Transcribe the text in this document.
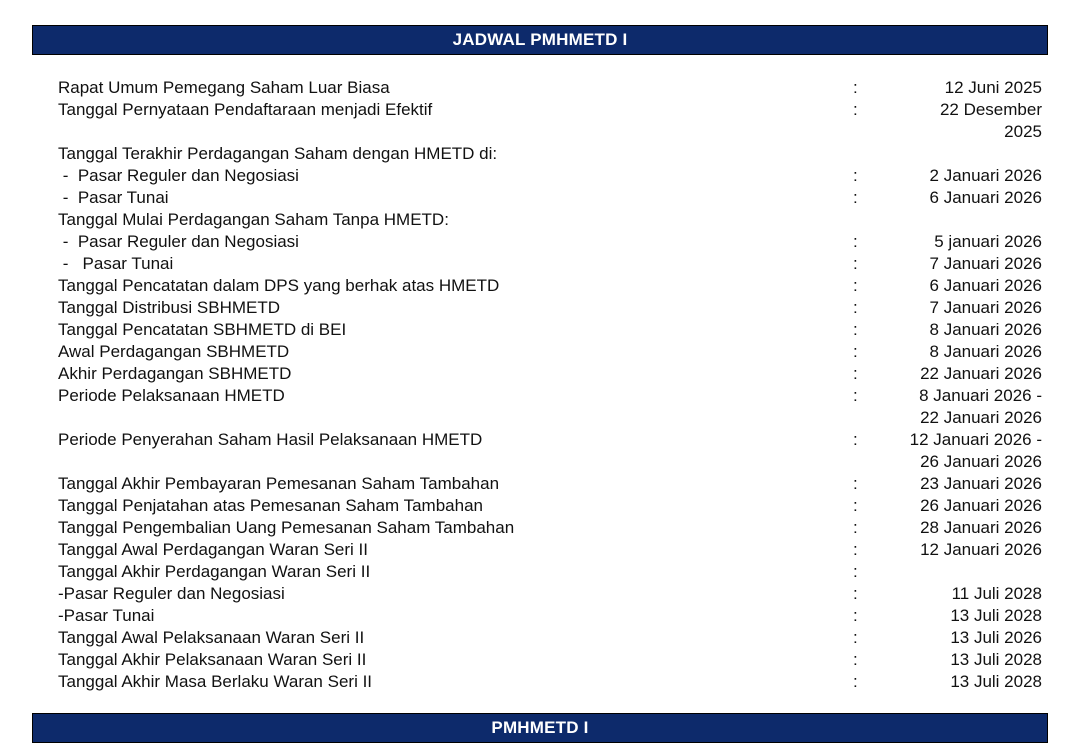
JADWAL PMHMETD I
Rapat Umum Pemegang Saham Luar Biasa	:	12 Juni 2025
Tanggal Pernyataan Pendaftaraan menjadi Efektif	:	22 Desember 2025
Tanggal Terakhir Perdagangan Saham dengan HMETD di:
-  Pasar Reguler dan Negosiasi	:	2 Januari 2026
-  Pasar Tunai	:	6 Januari 2026
Tanggal Mulai Perdagangan Saham Tanpa HMETD:
-  Pasar Reguler dan Negosiasi	:	5 januari 2026
-   Pasar Tunai	:	7 Januari 2026
Tanggal Pencatatan dalam DPS yang berhak atas HMETD	:	6 Januari 2026
Tanggal Distribusi SBHMETD	:	7 Januari 2026
Tanggal Pencatatan SBHMETD di BEI	:	8 Januari 2026
Awal Perdagangan SBHMETD	:	8 Januari 2026
Akhir Perdagangan SBHMETD	:	22 Januari 2026
Periode Pelaksanaan HMETD	:	8 Januari 2026 - 22 Januari 2026
Periode Penyerahan Saham Hasil Pelaksanaan HMETD	:	12 Januari 2026 - 26 Januari 2026
Tanggal Akhir Pembayaran Pemesanan Saham Tambahan	:	23 Januari 2026
Tanggal Penjatahan atas Pemesanan Saham Tambahan	:	26 Januari 2026
Tanggal Pengembalian Uang Pemesanan Saham Tambahan	:	28 Januari 2026
Tanggal Awal Perdagangan Waran Seri II	:	12 Januari 2026
Tanggal Akhir Perdagangan Waran Seri II	:
-Pasar Reguler dan Negosiasi	:	11 Juli 2028
-Pasar Tunai	:	13 Juli 2028
Tanggal Awal Pelaksanaan Waran Seri II	:	13 Juli 2026
Tanggal Akhir Pelaksanaan Waran Seri II	:	13 Juli 2028
Tanggal Akhir Masa Berlaku Waran Seri II	:	13 Juli 2028
PMHMETD I
